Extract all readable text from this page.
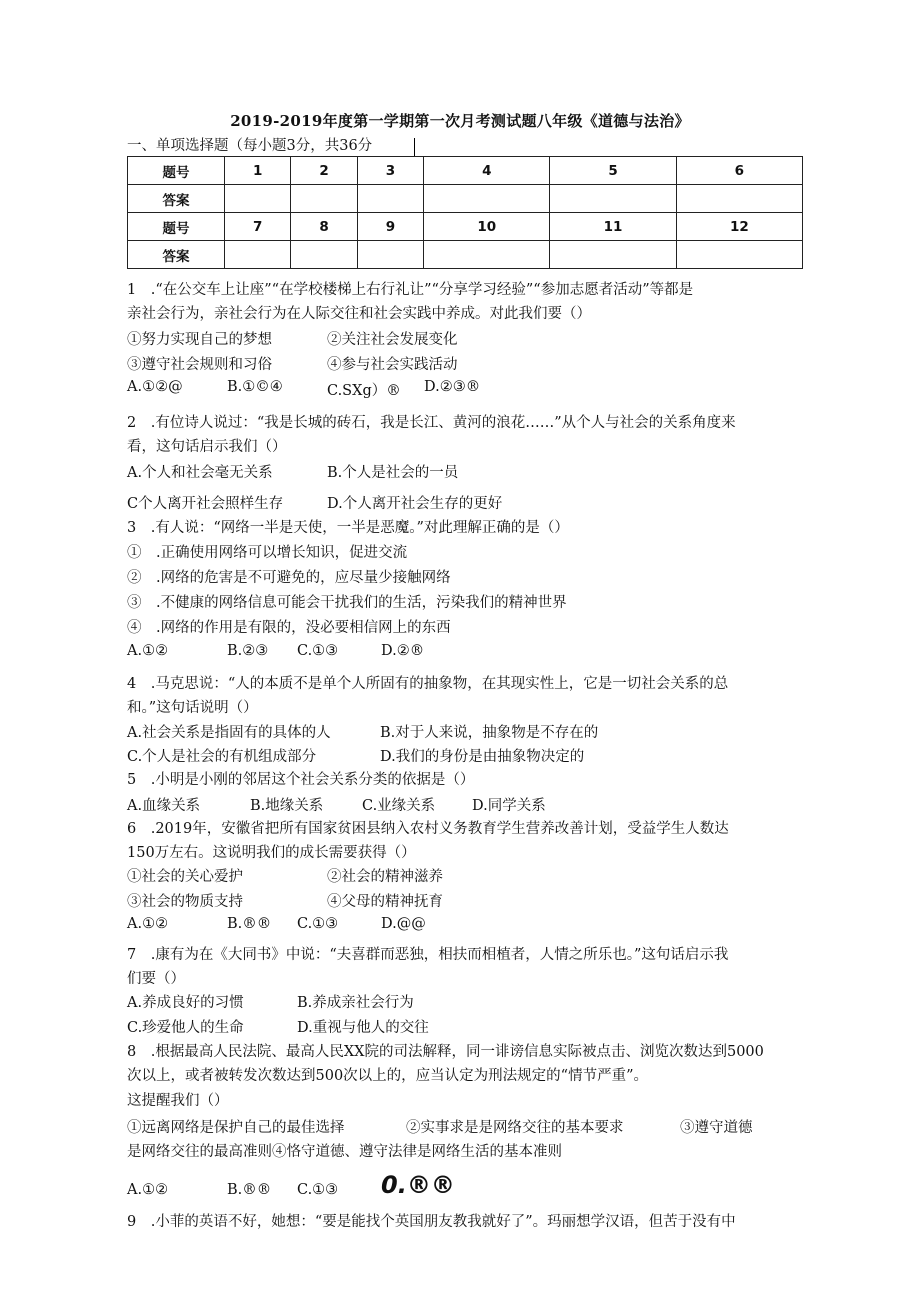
2019-2019年度第一学期第一次月考测试题八年级《道德与法治》
一、单项选择题（每小题3分，共36分
题号	1	2	3	4	5	6
答案						
题号	7	8	9	10	11	12
答案						
1　.“在公交车上让座”“在学校楼梯上右行礼让”“分享学习经验”“参加志愿者活动”等都是
亲社会行为，亲社会行为在人际交往和社会实践中养成。对此我们要（）
①努力实现自己的梦想	②关注社会发展变化
③遵守社会规则和习俗	④参与社会实践活动
A.①②@	B.①©④	C.SXg）® D.②③®
2　.有位诗人说过：“我是长城的砖石，我是长江、黄河的浪花……”从个人与社会的关系角度来
看，这句话启示我们（）
A.个人和社会毫无关系	B.个人是社会的一员
C个人离开社会照样生存	D.个人离开社会生存的更好
3　.有人说：“网络一半是天使，一半是恶魔。”对此理解正确的是（）
①　.正确使用网络可以增长知识，促进交流
②　.网络的危害是不可避免的，应尽量少接触网络
③　.不健康的网络信息可能会干扰我们的生活，污染我们的精神世界
④　.网络的作用是有限的，没必要相信网上的东西
A.①②	B.②③ C.①③	D.②®
4　.马克思说：“人的本质不是单个人所固有的抽象物，在其现实性上，它是一切社会关系的总
和。”这句话说明（）
A.社会关系是指固有的具体的人	B.对于人来说，抽象物是不存在的
C.个人是社会的有机组成部分	D.我们的身份是由抽象物决定的
5　.小明是小刚的邻居这个社会关系分类的依据是（）
A.血缘关系	B.地缘关系	C.业缘关系	D.同学关系
6　.2019年，安徽省把所有国家贫困县纳入农村义务教育学生营养改善计划，受益学生人数达
150万左右。这说明我们的成长需要获得（）
①社会的关心爱护	②社会的精神滋养
③社会的物质支持	④父母的精神抚育
A.①②	B.®® C.①③	D.@@
7　.康有为在《大同书》中说：“夫喜群而恶独，相扶而相植者，人情之所乐也。”这句话启示我
们要（）
A.养成良好的习惯	B.养成亲社会行为
C.珍爱他人的生命	D.重视与他人的交往
8　.根据最高人民法院、最高人民XX院的司法解释，同一诽谤信息实际被点击、浏览次数达到5000
次以上，或者被转发次数达到500次以上的，应当认定为刑法规定的“情节严重”。
这提醒我们（）
①远离网络是保护自己的最佳选择	②实事求是是网络交往的基本要求	③遵守道德
是网络交往的最高准则④恪守道德、遵守法律是网络生活的基本准则
A.①②	B.®® C.①③ 0.®®
9　.小菲的英语不好，她想：“要是能找个英国朋友教我就好了”。玛丽想学汉语，但苦于没有中
